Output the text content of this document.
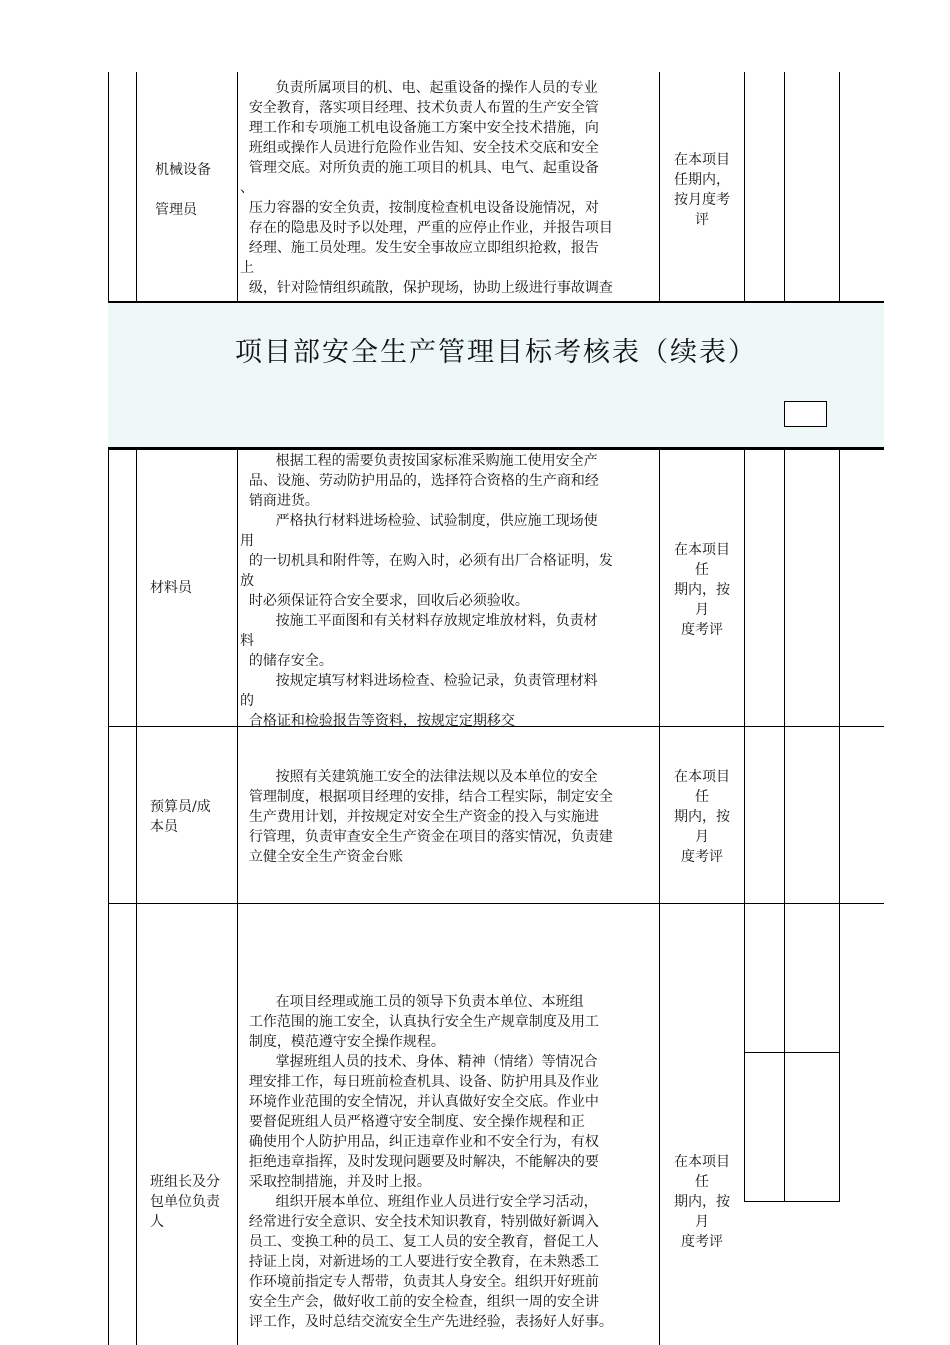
机械设备

管理员
负责所属项目的机、电、起重设备的操作人员的专业
安全教育，落实项目经理、技术负责人布置的生产安全管
理工作和专项施工机电设备施工方案中安全技术措施，向
班组或操作人员进行危险作业告知、安全技术交底和安全
管理交底。对所负责的施工项目的机具、电气、起重设备
、
压力容器的安全负责，按制度检查机电设备设施情况，对
存在的隐患及时予以处理，严重的应停止作业，并报告项目
经理、施工员处理。发生安全事故应立即组织抢救，报告
上
级，针对险情组织疏散，保护现场，协助上级进行事故调查
在本项目
任期内，
按月度考
评
项目部安全生产管理目标考核表（续表）
材料员
根据工程的需要负责按国家标准采购施工使用安全产
品、设施、劳动防护用品的，选择符合资格的生产商和经
销商进货。
严格执行材料进场检验、试验制度，供应施工现场使
用
的一切机具和附件等，在购入时，必须有出厂合格证明，发
放
时必须保证符合安全要求，回收后必须验收。
按施工平面图和有关材料存放规定堆放材料，负责材
料
的储存安全。
按规定填写材料进场检查、检验记录，负责管理材料
的
合格证和检验报告等资料，按规定定期移交
在本项目
任
期内，按
月
度考评
预算员/成
本员
按照有关建筑施工安全的法律法规以及本单位的安全
管理制度，根据项目经理的安排，结合工程实际，制定安全
生产费用计划，并按规定对安全生产资金的投入与实施进
行管理，负责审查安全生产资金在项目的落实情况，负责建
立健全安全生产资金台账
在本项目
任
期内，按
月
度考评
班组长及分
包单位负责
人
在项目经理或施工员的领导下负责本单位、本班组
工作范围的施工安全，认真执行安全生产规章制度及用工
制度，模范遵守安全操作规程。
掌握班组人员的技术、身体、精神（情绪）等情况合
理安排工作，每日班前检查机具、设备、防护用具及作业
环境作业范围的安全情况，并认真做好安全交底。作业中
要督促班组人员严格遵守安全制度、安全操作规程和正
确使用个人防护用品，纠正违章作业和不安全行为，有权
拒绝违章指挥，及时发现问题要及时解决，不能解决的要
采取控制措施，并及时上报。
组织开展本单位、班组作业人员进行安全学习活动，
经常进行安全意识、安全技术知识教育，特别做好新调入
员工、变换工种的员工、复工人员的安全教育，督促工人
持证上岗，对新进场的工人要进行安全教育，在未熟悉工
作环境前指定专人帮带，负责其人身安全。组织开好班前
安全生产会，做好收工前的安全检查，组织一周的安全讲
评工作，及时总结交流安全生产先进经验，表扬好人好事。
在本项目
任
期内，按
月
度考评
